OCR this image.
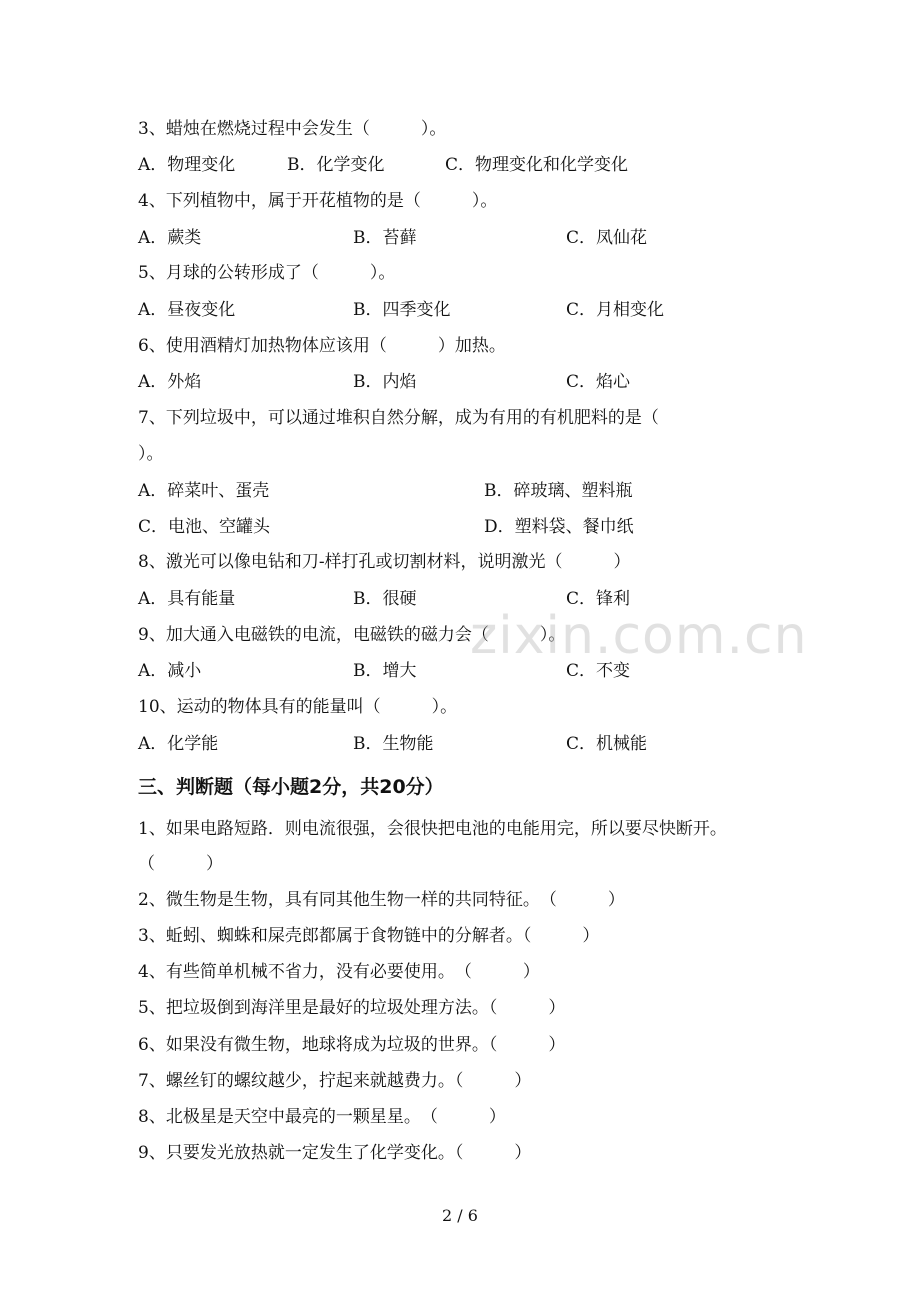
3、蜡烛在燃烧过程中会发生（　　　）。
A．物理变化	B．化学变化	C．物理变化和化学变化
4、下列植物中，属于开花植物的是（　　　）。
A．蕨类	B．苔藓	C．凤仙花
5、月球的公转形成了（　　　）。
A．昼夜变化	B．四季变化	C．月相变化
6、使用酒精灯加热物体应该用（　　　）加热。
A．外焰	B．内焰	C．焰心
7、下列垃圾中，可以通过堆积自然分解，成为有用的有机肥料的是（
）。
A．碎菜叶、蛋壳	B．碎玻璃、塑料瓶
C．电池、空罐头	D．塑料袋、餐巾纸
8、激光可以像电钻和刀-样打孔或切割材料，说明激光（　　　）
A．具有能量	B．很硬	C．锋利
9、加大通入电磁铁的电流，电磁铁的磁力会（　　　）。
A．减小	B．增大	C．不变
10、运动的物体具有的能量叫（　　　）。
A．化学能	B．生物能	C．机械能
三、判断题（每小题2分，共20分）
1、如果电路短路．则电流很强，会很快把电池的电能用完，所以要尽快断开。
（　　　）
2、微生物是生物，具有同其他生物一样的共同特征。　（　　　）
3、蚯蚓、蜘蛛和屎壳郎都属于食物链中的分解者。（　　　）
4、有些简单机械不省力，没有必要使用。　（　　　）
5、把垃圾倒到海洋里是最好的垃圾处理方法。（　　　）
6、如果没有微生物，地球将成为垃圾的世界。（　　　）
7、螺丝钉的螺纹越少，拧起来就越费力。（　　　）
8、北极星是天空中最亮的一颗星星。　（　　　）
9、只要发光放热就一定发生了化学变化。（　　　）
zixin.com.cn
2 / 6
